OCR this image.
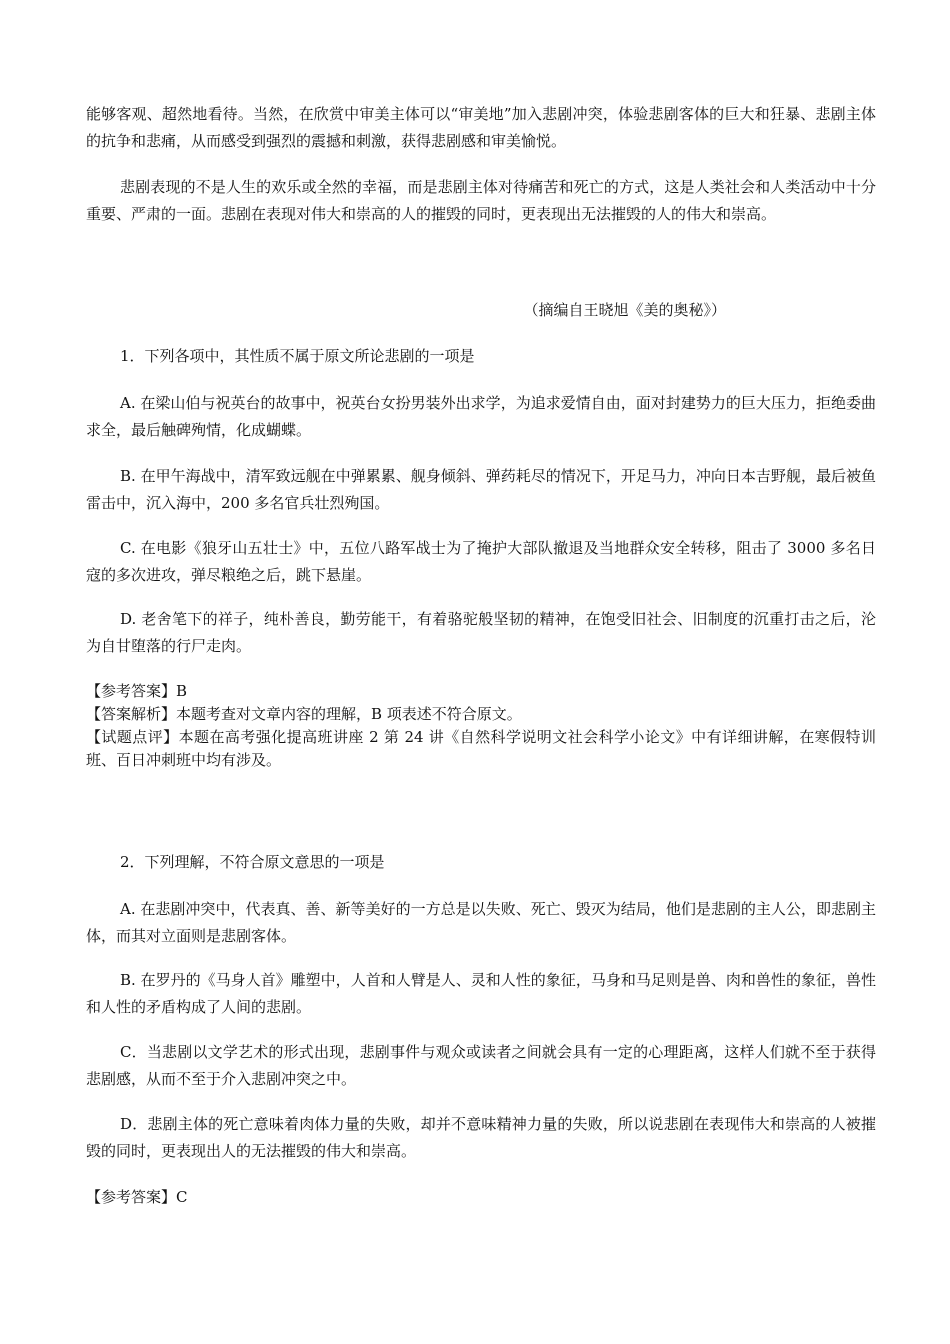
能够客观、超然地看待。当然，在欣赏中审美主体可以“审美地”加入悲剧冲突，体验悲剧客体的巨大和狂暴、悲剧主体的抗争和悲痛，从而感受到强烈的震撼和刺激，获得悲剧感和审美愉悦。

悲剧表现的不是人生的欢乐或全然的幸福，而是悲剧主体对待痛苦和死亡的方式，这是人类社会和人类活动中十分重要、严肃的一面。悲剧在表现对伟大和崇高的人的摧毁的同时，更表现出无法摧毁的人的伟大和崇高。

（摘编自王晓旭《美的奥秘》）

1．下列各项中，其性质不属于原文所论悲剧的一项是

A. 在梁山伯与祝英台的故事中，祝英台女扮男装外出求学，为追求爱情自由，面对封建势力的巨大压力，拒绝委曲求全，最后触碑殉情，化成蝴蝶。

B. 在甲午海战中，清军致远舰在中弹累累、舰身倾斜、弹药耗尽的情况下，开足马力，冲向日本吉野舰，最后被鱼雷击中，沉入海中，200 多名官兵壮烈殉国。

C. 在电影《狼牙山五壮士》中，五位八路军战士为了掩护大部队撤退及当地群众安全转移，阻击了 3000 多名日寇的多次进攻，弹尽粮绝之后，跳下悬崖。

D. 老舍笔下的祥子，纯朴善良，勤劳能干，有着骆驼般坚韧的精神，在饱受旧社会、旧制度的沉重打击之后，沦为自甘堕落的行尸走肉。

【参考答案】B
【答案解析】本题考查对文章内容的理解，B 项表述不符合原文。
【试题点评】本题在高考强化提高班讲座 2 第 24 讲《自然科学说明文社会科学小论文》中有详细讲解，在寒假特训班、百日冲刺班中均有涉及。

2．下列理解，不符合原文意思的一项是

A. 在悲剧冲突中，代表真、善、新等美好的一方总是以失败、死亡、毁灭为结局，他们是悲剧的主人公，即悲剧主体，而其对立面则是悲剧客体。

B. 在罗丹的《马身人首》雕塑中，人首和人臂是人、灵和人性的象征，马身和马足则是兽、肉和兽性的象征，兽性和人性的矛盾构成了人间的悲剧。

C．当悲剧以文学艺术的形式出现，悲剧事件与观众或读者之间就会具有一定的心理距离，这样人们就不至于获得悲剧感，从而不至于介入悲剧冲突之中。

D．悲剧主体的死亡意味着肉体力量的失败，却并不意味精神力量的失败，所以说悲剧在表现伟大和崇高的人被摧毁的同时，更表现出人的无法摧毁的伟大和崇高。

【参考答案】C
